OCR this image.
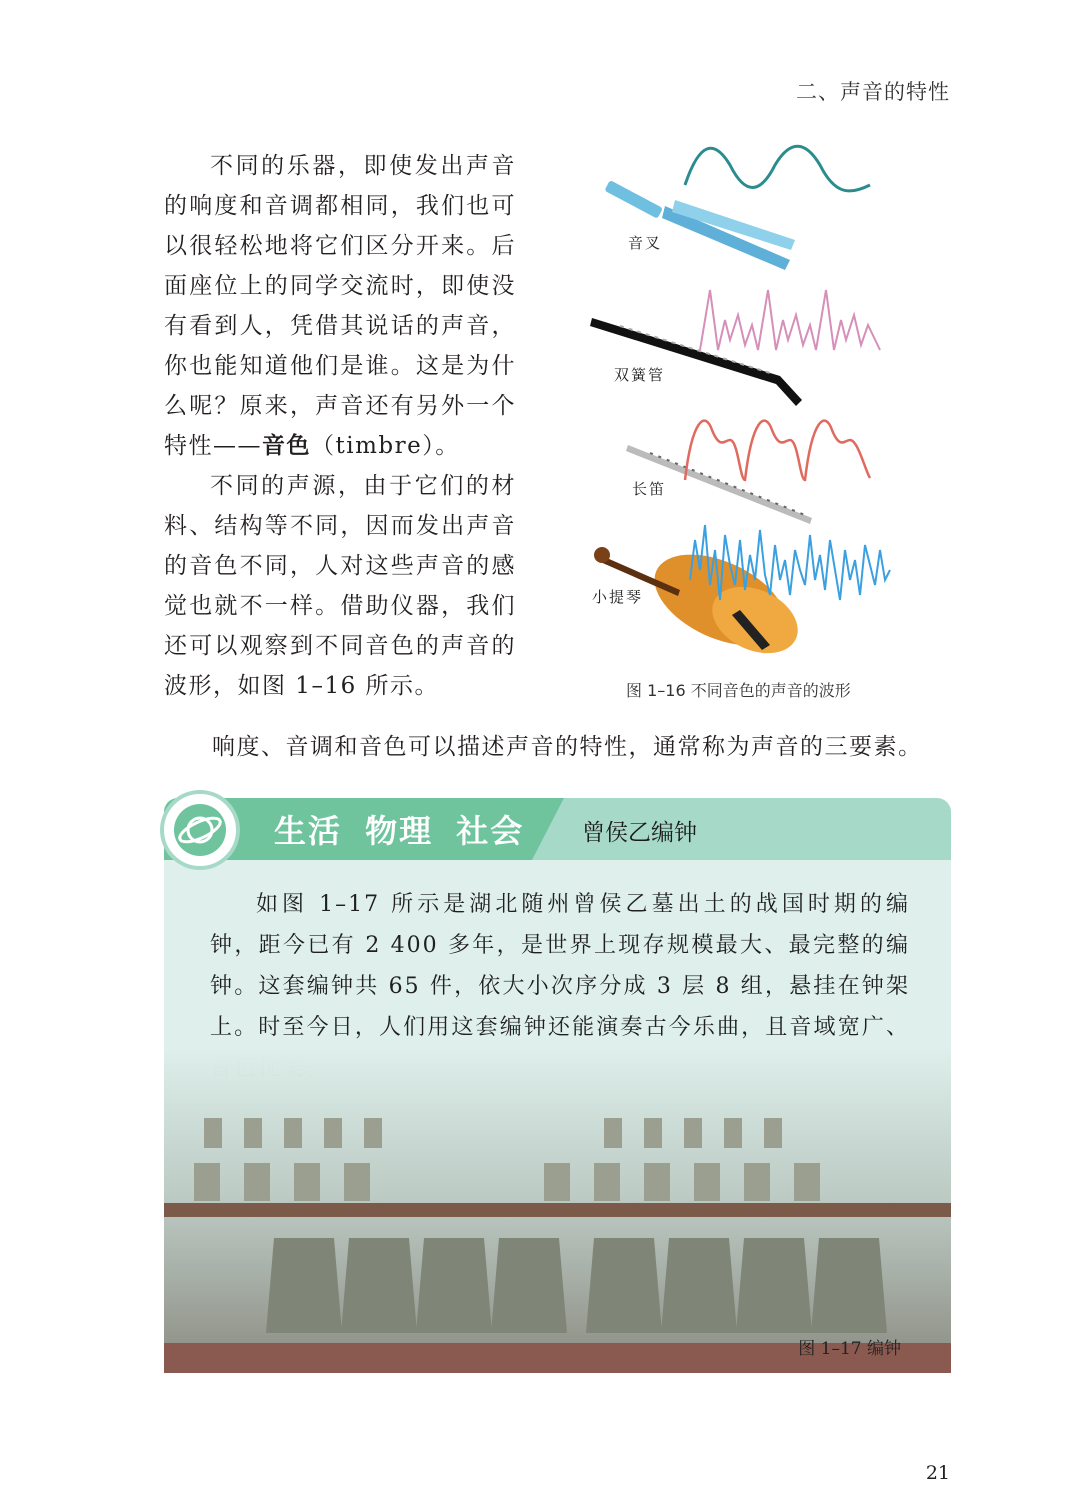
二、声音的特性

不同的乐器，即使发出声音的响度和音调都相同，我们也可以很轻松地将它们区分开来。后面座位上的同学交流时，即使没有看到人，凭借其说话的声音，你也能知道他们是谁。这是为什么呢？原来，声音还有另外一个特性——音色（timbre）。

不同的声源，由于它们的材料、结构等不同，因而发出声音的音色不同，人对这些声音的感觉也就不一样。借助仪器，我们还可以观察到不同音色的声音的波形，如图 1–16 所示。

音叉
双簧管
长笛
小提琴
图 1–16 不同音色的声音的波形
响度、音调和音色可以描述声音的特性，通常称为声音的三要素。
生活 物理 社会	曾侯乙编钟

如图 1–17 所示是湖北随州曾侯乙墓出土的战国时期的编钟，距今已有 2 400 多年，是世界上现存规模最大、最完整的编钟。这套编钟共 65 件，依大小次序分成 3 层 8 组，悬挂在钟架上。时至今日，人们用这套编钟还能演奏古今乐曲，且音域宽广、

图 1–17 编钟
21
